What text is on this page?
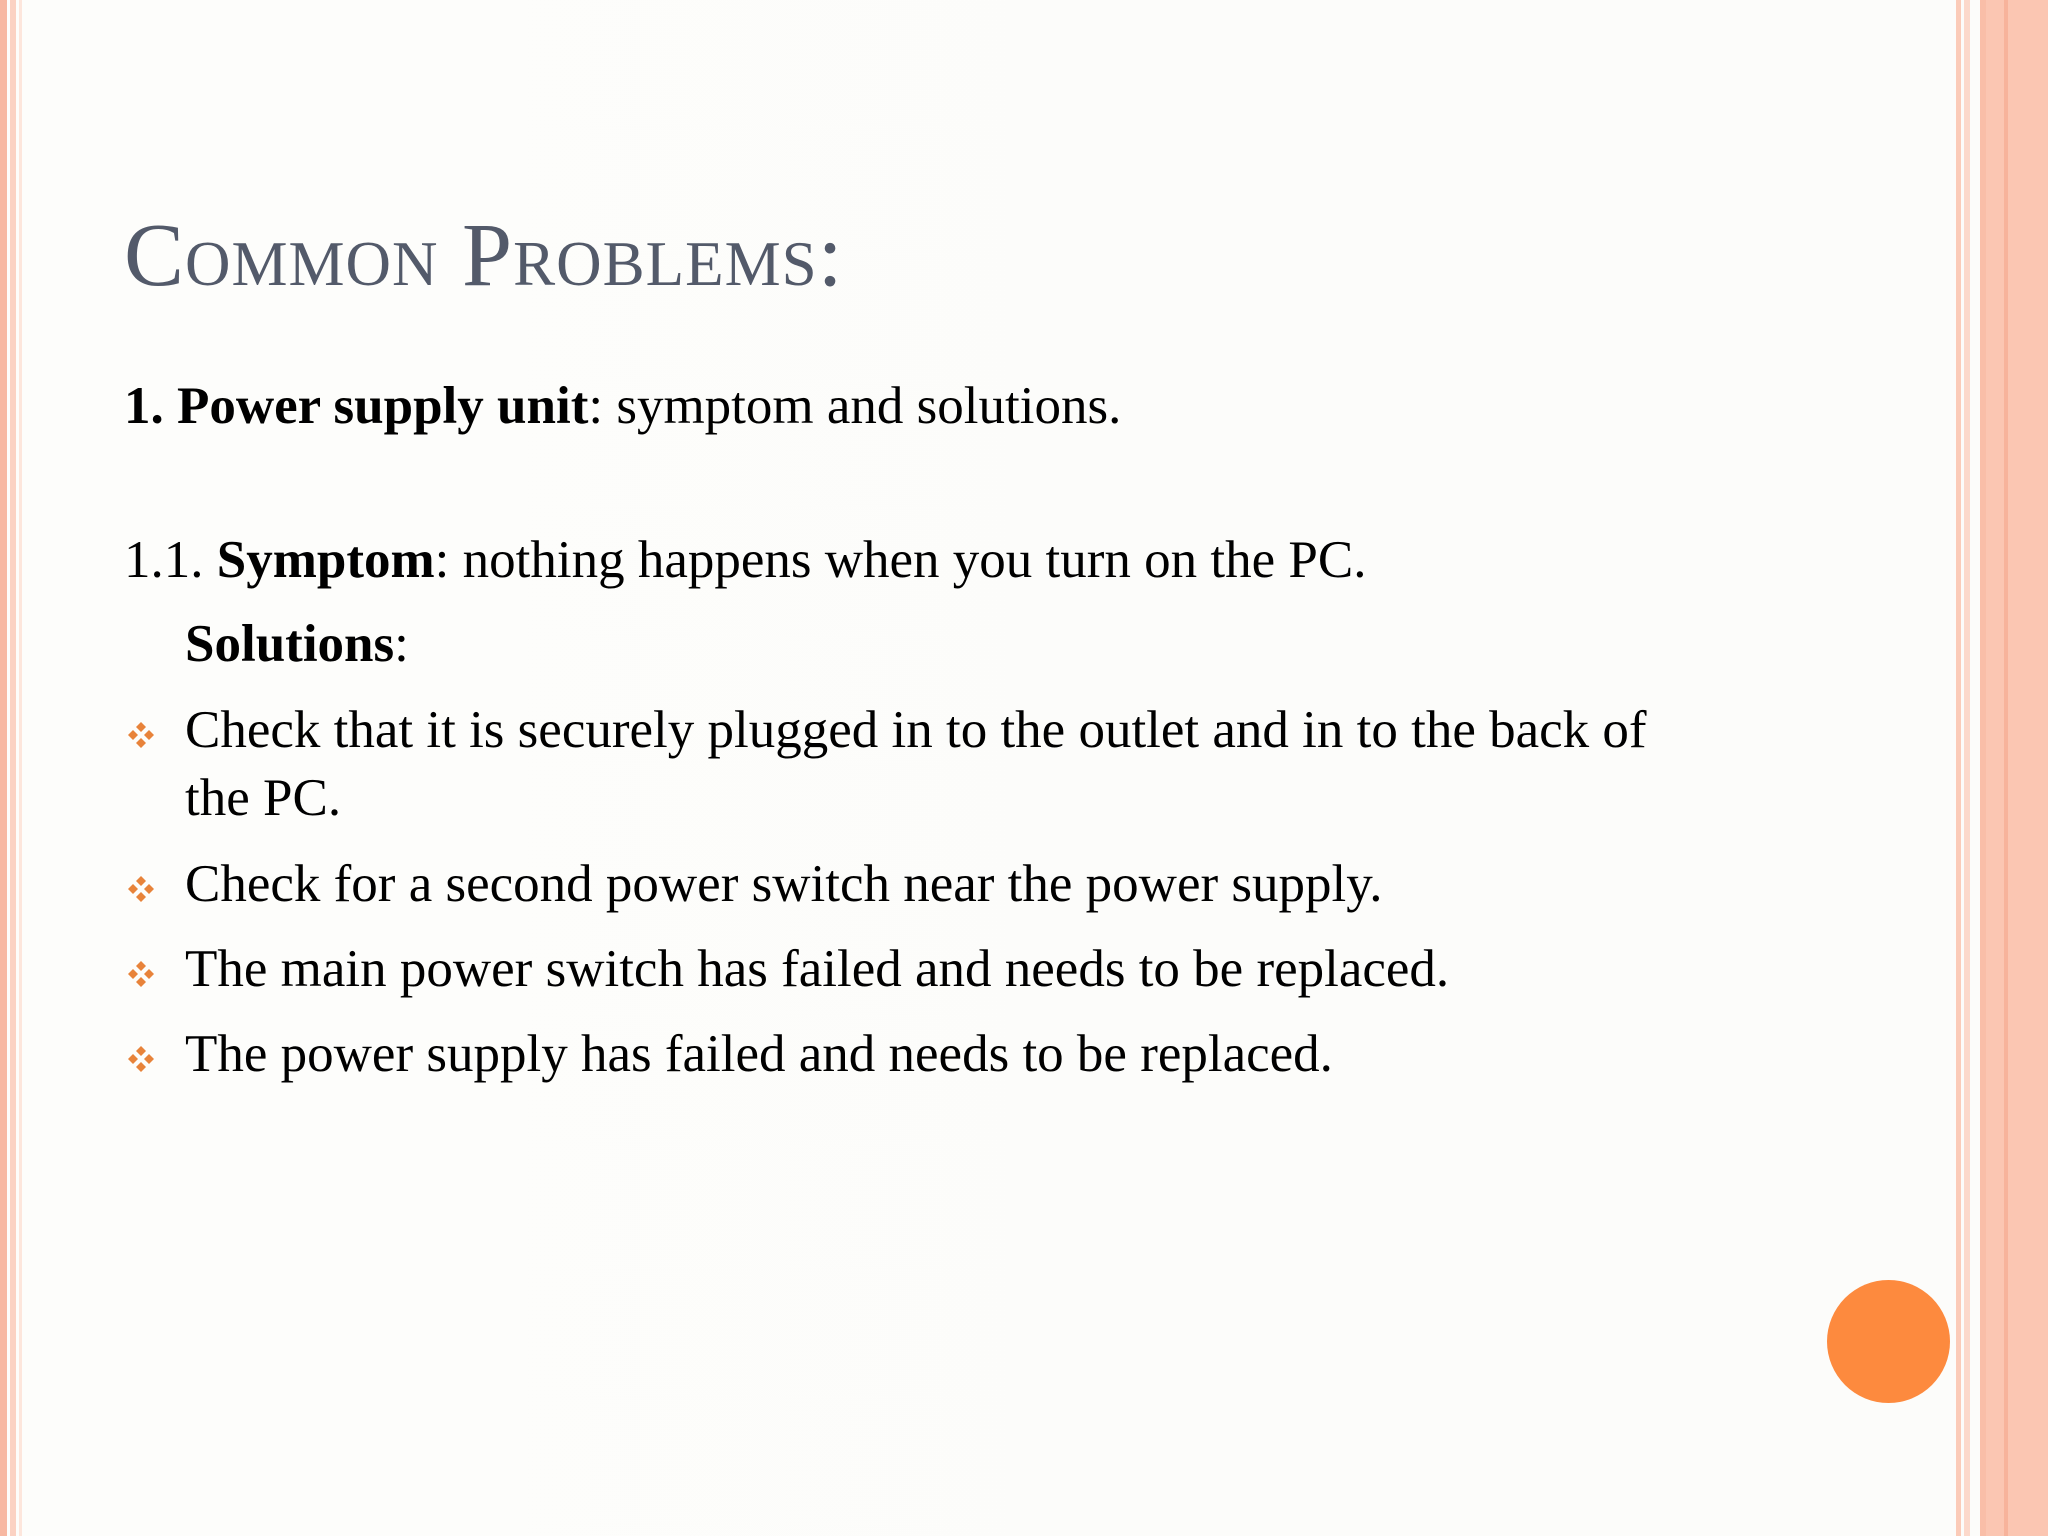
Common Problems:
1. Power supply unit: symptom and solutions.
1.1. Symptom: nothing happens when you turn on the PC.
Solutions:
Check that it is securely plugged in to the outlet and in to the back of
the PC.
Check for a second power switch near the power supply.
The main power switch has failed and needs to be replaced.
The power supply has failed and needs to be replaced.
